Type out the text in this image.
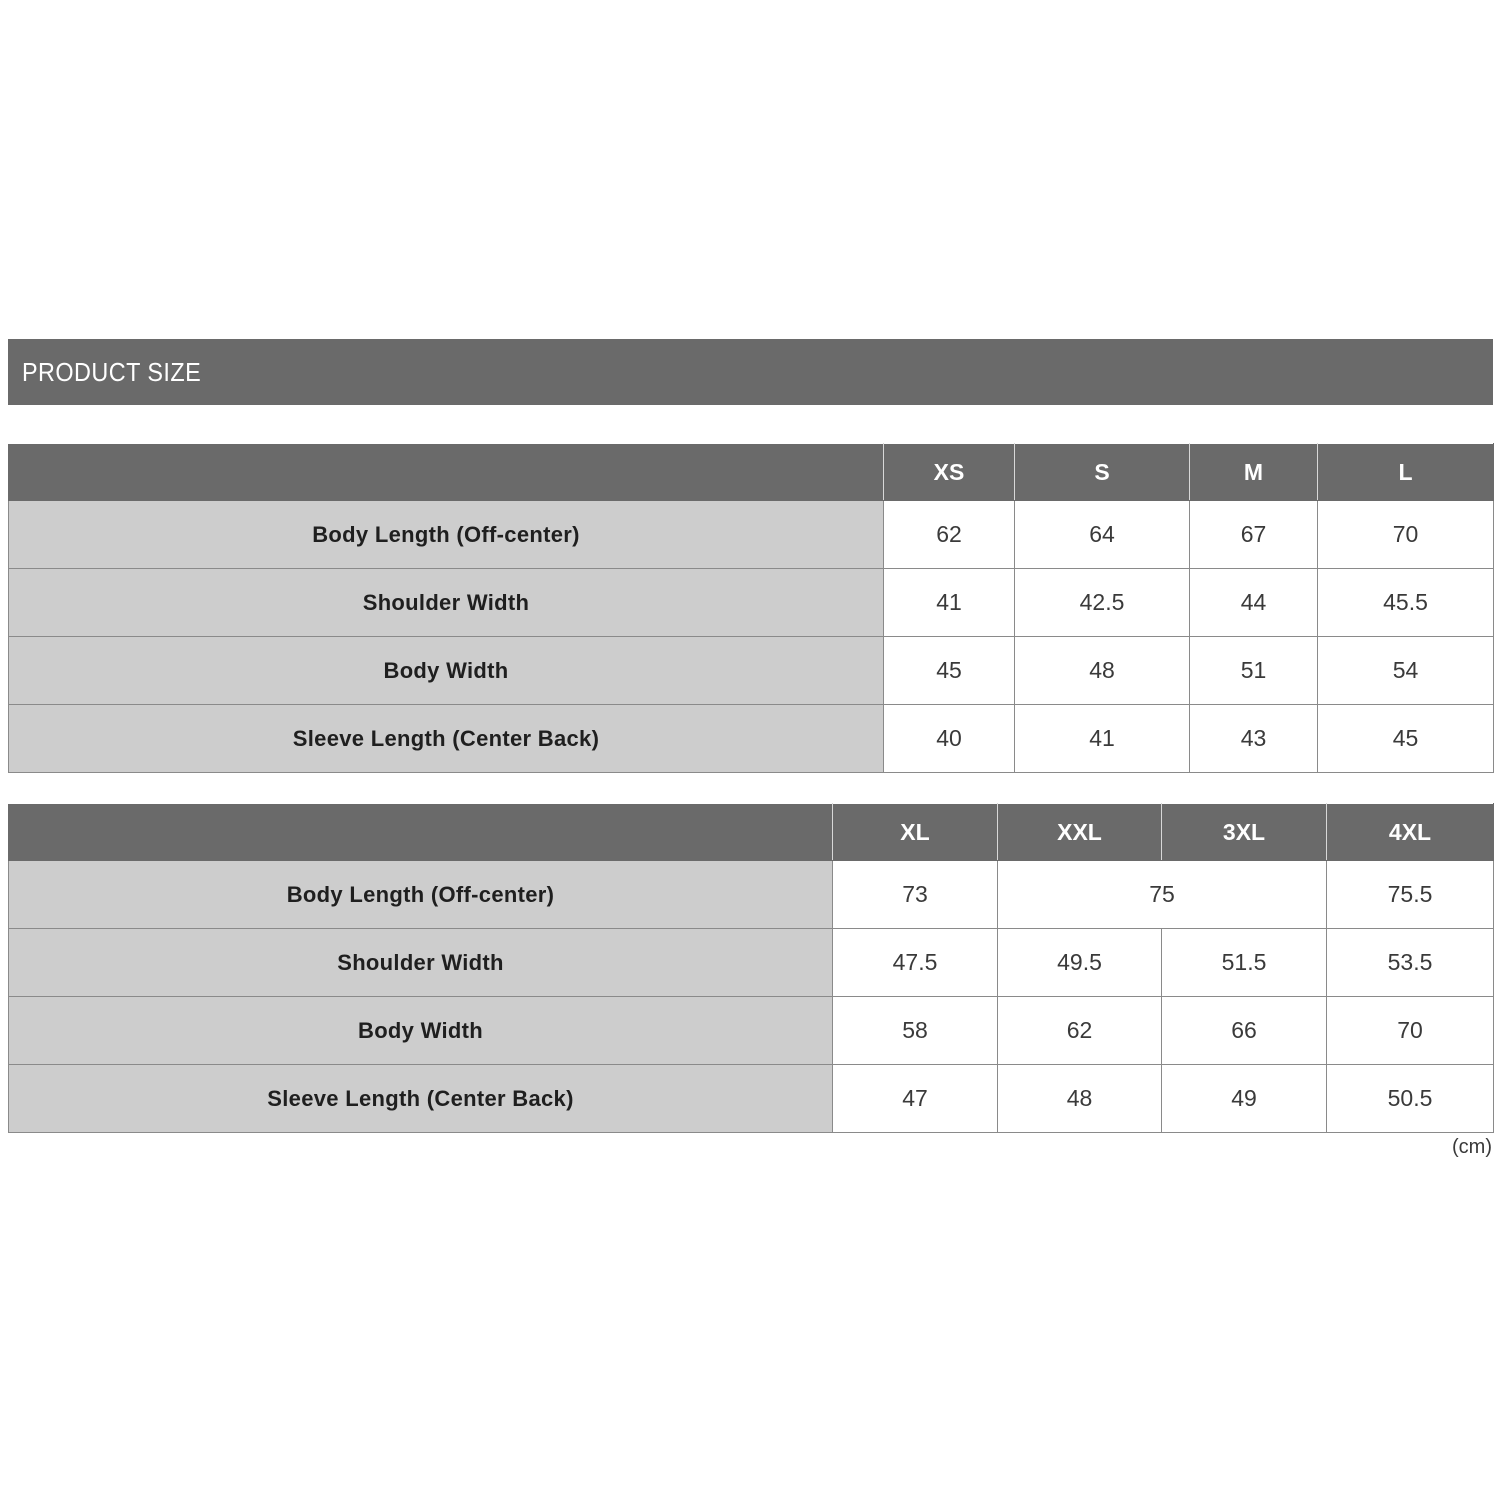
PRODUCT SIZE
	XS	S	M	L
Body Length (Off-center)	62	64	67	70
Shoulder Width	41	42.5	44	45.5
Body Width	45	48	51	54
Sleeve Length (Center Back)	40	41	43	45
	XL	XXL	3XL	4XL
Body Length (Off-center)	73	75		75.5
Shoulder Width	47.5	49.5	51.5	53.5
Body Width	58	62	66	70
Sleeve Length (Center Back)	47	48	49	50.5
(cm)
